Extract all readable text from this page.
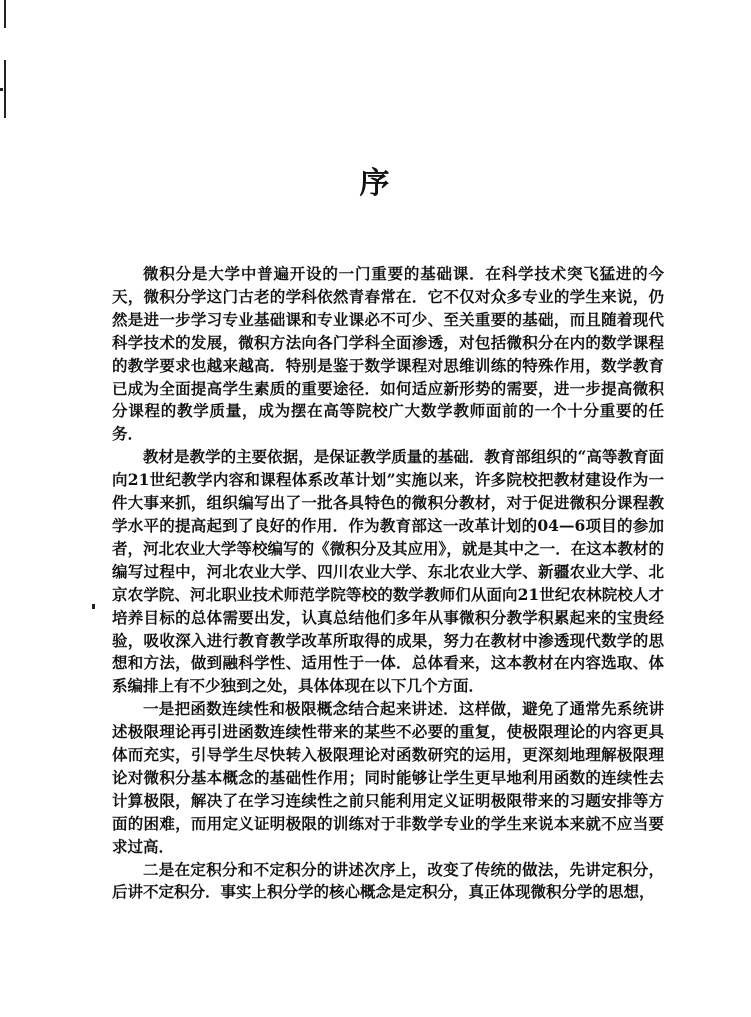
序

微积分是大学中普遍开设的一门重要的基础课．在科学技术突飞猛进的今天，微积分学这门古老的学科依然青春常在．它不仅对众多专业的学生来说，仍然是进一步学习专业基础课和专业课必不可少、至关重要的基础，而且随着现代科学技术的发展，微积方法向各门学科全面渗透，对包括微积分在内的数学课程的教学要求也越来越高．特别是鉴于数学课程对思维训练的特殊作用，数学教育已成为全面提高学生素质的重要途径．如何适应新形势的需要，进一步提高微积分课程的教学质量，成为摆在高等院校广大数学教师面前的一个十分重要的任务．

教材是教学的主要依据，是保证教学质量的基础．教育部组织的“高等教育面向21世纪教学内容和课程体系改革计划”实施以来，许多院校把教材建设作为一件大事来抓，组织编写出了一批各具特色的微积分教材，对于促进微积分课程教学水平的提高起到了良好的作用．作为教育部这一改革计划的04—6项目的参加者，河北农业大学等校编写的《微积分及其应用》，就是其中之一．在这本教材的编写过程中，河北农业大学、四川农业大学、东北农业大学、新疆农业大学、北京农学院、河北职业技术师范学院等校的数学教师们从面向21世纪农林院校人才培养目标的总体需要出发，认真总结他们多年从事微积分教学积累起来的宝贵经验，吸收深入进行教育教学改革所取得的成果，努力在教材中渗透现代数学的思想和方法，做到融科学性、适用性于一体．总体看来，这本教材在内容选取、体系编排上有不少独到之处，具体体现在以下几个方面．

一是把函数连续性和极限概念结合起来讲述．这样做，避免了通常先系统讲述极限理论再引进函数连续性带来的某些不必要的重复，使极限理论的内容更具体而充实，引导学生尽快转入极限理论对函数研究的运用，更深刻地理解极限理论对微积分基本概念的基础性作用；同时能够让学生更早地利用函数的连续性去计算极限，解决了在学习连续性之前只能利用定义证明极限带来的习题安排等方面的困难，而用定义证明极限的训练对于非数学专业的学生来说本来就不应当要求过高．

二是在定积分和不定积分的讲述次序上，改变了传统的做法，先讲定积分，后讲不定积分．事实上积分学的核心概念是定积分，真正体现微积分学的思想，
